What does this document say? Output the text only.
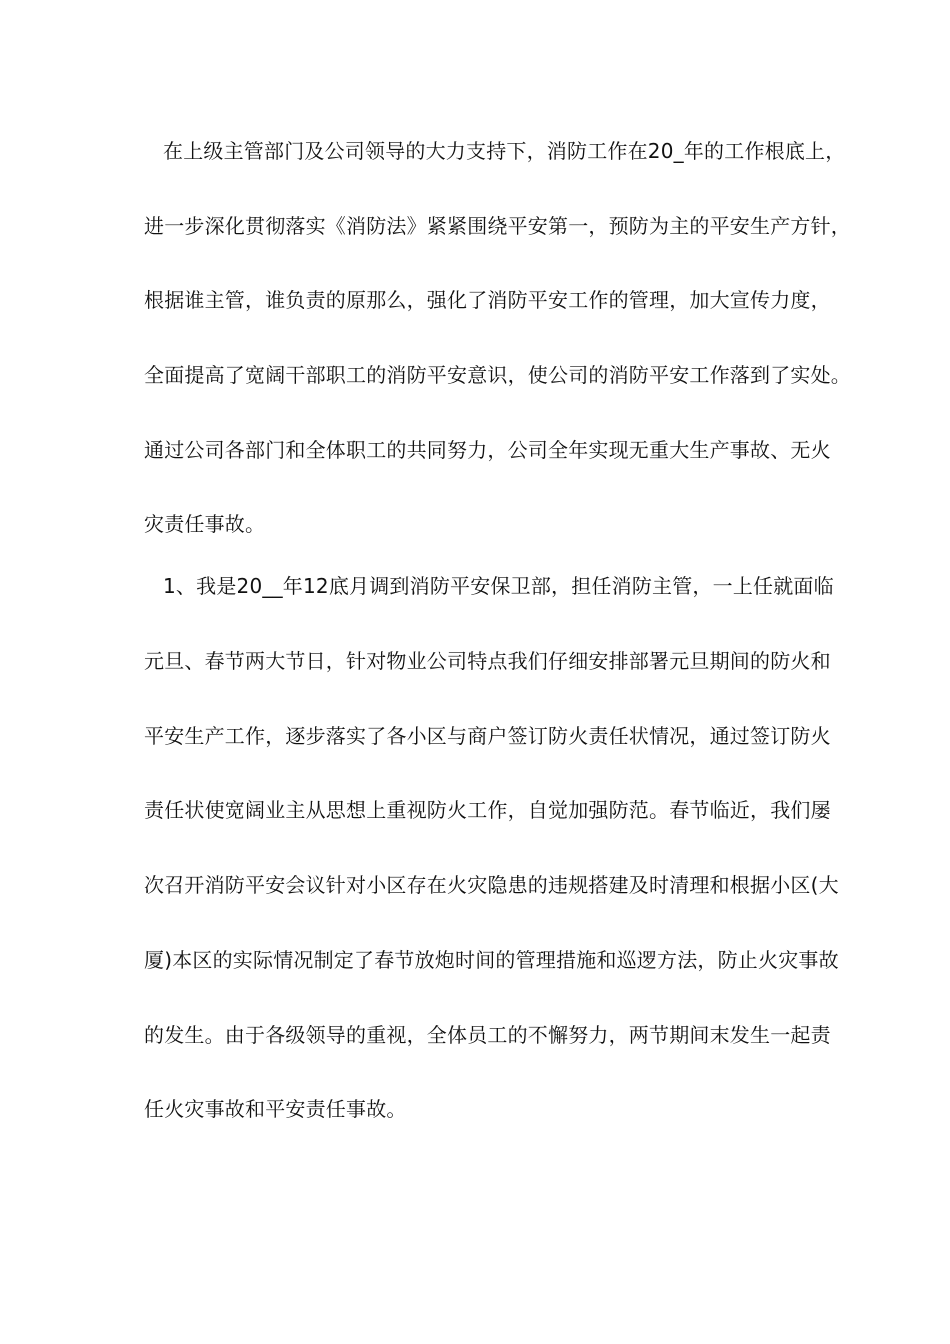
在上级主管部门及公司领导的大力支持下，消防工作在20_年的工作根底上，
进一步深化贯彻落实《消防法》紧紧围绕平安第一，预防为主的平安生产方针，
根据谁主管，谁负责的原那么，强化了消防平安工作的管理，加大宣传力度，
全面提高了宽阔干部职工的消防平安意识，使公司的消防平安工作落到了实处。
通过公司各部门和全体职工的共同努力，公司全年实现无重大生产事故、无火
灾责任事故。
1、我是20__年12底月调到消防平安保卫部，担任消防主管，一上任就面临
元旦、春节两大节日，针对物业公司特点我们仔细安排部署元旦期间的防火和
平安生产工作，逐步落实了各小区与商户签订防火责任状情况，通过签订防火
责任状使宽阔业主从思想上重视防火工作，自觉加强防范。春节临近，我们屡
次召开消防平安会议针对小区存在火灾隐患的违规搭建及时清理和根据小区(大
厦)本区的实际情况制定了春节放炮时间的管理措施和巡逻方法，防止火灾事故
的发生。由于各级领导的重视，全体员工的不懈努力，两节期间末发生一起责
任火灾事故和平安责任事故。
